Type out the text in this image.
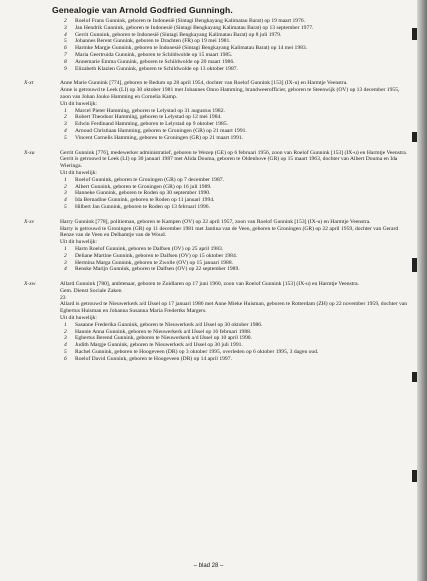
Genealogie van Arnold Godfried Gunningh.
2 Roelof Frans Gunnink, geboren te Indonesië (Sintagi Bengkayang Kalimatau Barat) op 19 maart 1976.
3 Jan Hendrik Gunnink, geboren te Indonesië (Sintagi Bengkayang Kalimatau Barat) op 13 september 1977.
4 Gerrit Gunnink, geboren te Indonesië (Sintagi Bengkayang Kalimatau Barat) op 8 juli 1979.
5 Johannes Berent Gunnink, geboren te Drachten (FR) op 19 mei 1981.
6 Harmke Margje Gunnink, geboren te Indonesië (Sintagi Bengkayang Kalimatau Barat) op 14 mei 1983.
7 Maria Geertruida Gunnink, geboren te Schildwolde op 15 maart 1985.
8 Annemarie Emma Gunnink, geboren te Schildwolde op 20 maart 1986.
9 Elizabeth Klazien Gunnink, geboren te Schildwolde op 13 oktober 1987.
X-xt	Anne Marie Gunnink [774], geboren te Bedum op 28 april 1954, dochter van Roelof Gunnink [153] (IX-u) en Harmtje Veenstra.

Anne is getrouwd te Leek (LI) op 30 oktober 1981 met Johannes Onno Hamming, brandweerofficier, geboren te Steenwijk (OV) op 13 december 1955, zoon van Johan Jouko Hamming en Cornelia Kamp.

Uit dit huwelijk:

1 Marcel Pieter Hamming, geboren te Lelystad op 31 augustus 1982.
2 Robert Theodoor Hamming, geboren te Lelystad op 12 mei 1984.
3 Edwin Ferdinand Hamming, geboren te Lelystad op 9 oktober 1985.
4 Arnoud Christiaan Hamming, geboren te Groningen (GR) op 21 maart 1991.
5 Vincent Cornelis Hamming, geboren te Groningen (GR) op 21 maart 1991.
X-xu	Gerrit Gunnink [776], medewerker administratief, geboren te Wezep (GE) op 6 februari 1956, zoon van Roelof Gunnink [153] (IX-u) en Harmtje Veenstra.

Gerrit is getrouwd te Leek (LI) op 30 januari 1987 met Alida Douma, geboren te Oldenhove (GR) op 15 maart 1963, dochter van Albert Douma en Ida Wieringa.

Uit dit huwelijk:

1 Roelof Gunnink, geboren te Groningen (GR) op 7 december 1987.
2 Albert Gunnink, geboren te Groningen (GR) op 16 juli 1989.
3 Hanneke Gunnink, geboren te Roden op 30 september 1990.
4 Ida Bernadine Gunnink, geboren te Roden op 11 januari 1994.
5 Hilbert Jan Gunnink, geboren te Roden op 13 februari 1996.
X-xv	Harry Gunnink [778], politieman, geboren te Kampen (OV) op 22 april 1957, zoon van Roelof Gunnink [153] (IX-u) en Harmtje Veenstra.

Harry is getrouwd te Groningen (GR) op 11 december 1981 met Jantina van de Veen, geboren te Groningen (GR) op 22 april 1959, dochter van Gerard Renze van de Veen en Delhamtje van de Woud.

Uit dit huwelijk:

1 Harm Roelof Gunnink, geboren te Dalfsen (OV) op 25 april 1983.
2 Deliane Martine Gunnink, geboren te Dalfsen (OV) op 15 oktober 1984.
3 Hermina Marga Gunnink, geboren te Zwolle (OV) op 15 januari 1988.
4 Renske Marijn Gunnink, geboren te Dalfsen (OV) op 22 september 1989.
X-xw	Allard Gunnink [780], ambtenaar, geboren te Zuidlaren op 17 juni 1960, zoon van Roelof Gunnink [153] (IX-u) en Harmtje Veenstra.

Gem. Dienst Sociale Zaken

23

Allard is getrouwd te Nieuwerkerk a/d IJssel op 17 januari 1986 met Anne Mieke Huisman, geboren te Rotterdam (ZH) op 22 november 1959, dochter van Egbertus Huisman en Johanna Susanna Maria Fredertks Margers.

Uit dit huwelijk:

1 Sasanne Frederika Gunnink, geboren te Nieuwerkerk a/d IJssel op 30 oktober 1986.
2 Hannie Anna Gunnink, geboren te Nieuwerkerk a/d IJssel op 16 februari 1988.
3 Egbertus Berend Gunnink, geboren te Nieuwerkerk a/d IJssel op 10 april 1990.
4 Judith Margje Gunnink, geboren te Nieuwerkerk a/d IJssel op 30 juli 1991.
5 Rachel Gunnink, geboren te Hoogeveen (DR) op 3 oktober 1995, overleden op 6 oktober 1995, 3 dagen oud.
6 Roelof David Gunnink, geboren te Hoogeveen (DR) op 14 april 1997.
– blad 28 –
